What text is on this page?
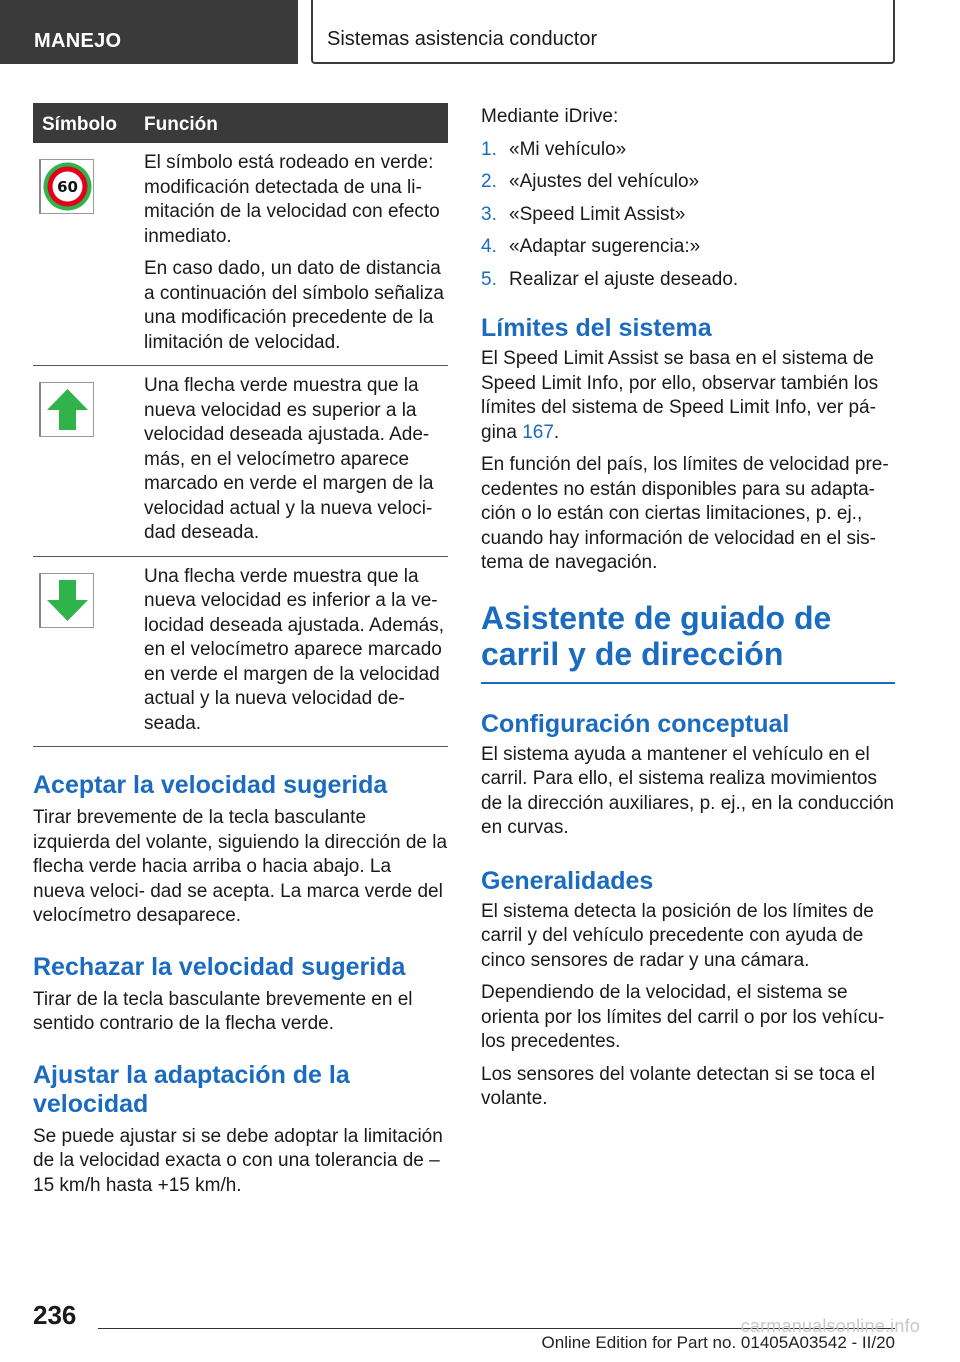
MANEJO	Sistemas asistencia conductor
Símbolo Función
60

El símbolo está rodeado en verde: modificación detectada de una li‐ mitación de la velocidad con efecto inmediato.

En caso dado, un dato de distancia a continuación del símbolo señaliza una modificación precedente de la limitación de velocidad.

Una flecha verde muestra que la nueva velocidad es superior a la velocidad deseada ajustada. Ade‐ más, en el velocímetro aparece marcado en verde el margen de la velocidad actual y la nueva veloci‐ dad deseada.

Una flecha verde muestra que la nueva velocidad es inferior a la ve‐ locidad deseada ajustada. Además, en el velocímetro aparece marcado en verde el margen de la velocidad actual y la nueva velocidad de‐ seada.

Aceptar la velocidad sugerida

Tirar brevemente de la tecla basculante izquierda del volante, siguiendo la dirección de la flecha verde hacia arriba o hacia abajo. La nueva veloci‐ dad se acepta. La marca verde del velocímetro desaparece.

Rechazar la velocidad sugerida

Tirar de la tecla basculante brevemente en el sentido contrario de la flecha verde.

Ajustar la adaptación de la velocidad

Se puede ajustar si se debe adoptar la limitación de la velocidad exacta o con una tolerancia de – 15 km/h hasta +15 km/h.

Mediante iDrive:

1. «Mi vehículo»
2. «Ajustes del vehículo»
3. «Speed Limit Assist»
4. «Adaptar sugerencia:»
5. Realizar el ajuste deseado.
Límites del sistema

El Speed Limit Assist se basa en el sistema de Speed Limit Info, por ello, observar también los límites del sistema de Speed Limit Info, ver pá‐ gina 167.

En función del país, los límites de velocidad pre‐ cedentes no están disponibles para su adapta‐ ción o lo están con ciertas limitaciones, p. ej., cuando hay información de velocidad en el sis‐ tema de navegación.

Asistente de guiado de carril y de dirección
Configuración conceptual

El sistema ayuda a mantener el vehículo en el carril. Para ello, el sistema realiza movimientos de la dirección auxiliares, p. ej., en la conducción en curvas.

Generalidades

El sistema detecta la posición de los límites de carril y del vehículo precedente con ayuda de cinco sensores de radar y una cámara.

Dependiendo de la velocidad, el sistema se orienta por los límites del carril o por los vehícu‐ los precedentes.

Los sensores del volante detectan si se toca el volante.

236
Online Edition for Part no. 01405A03542 - II/20
carmanualsonline.info
